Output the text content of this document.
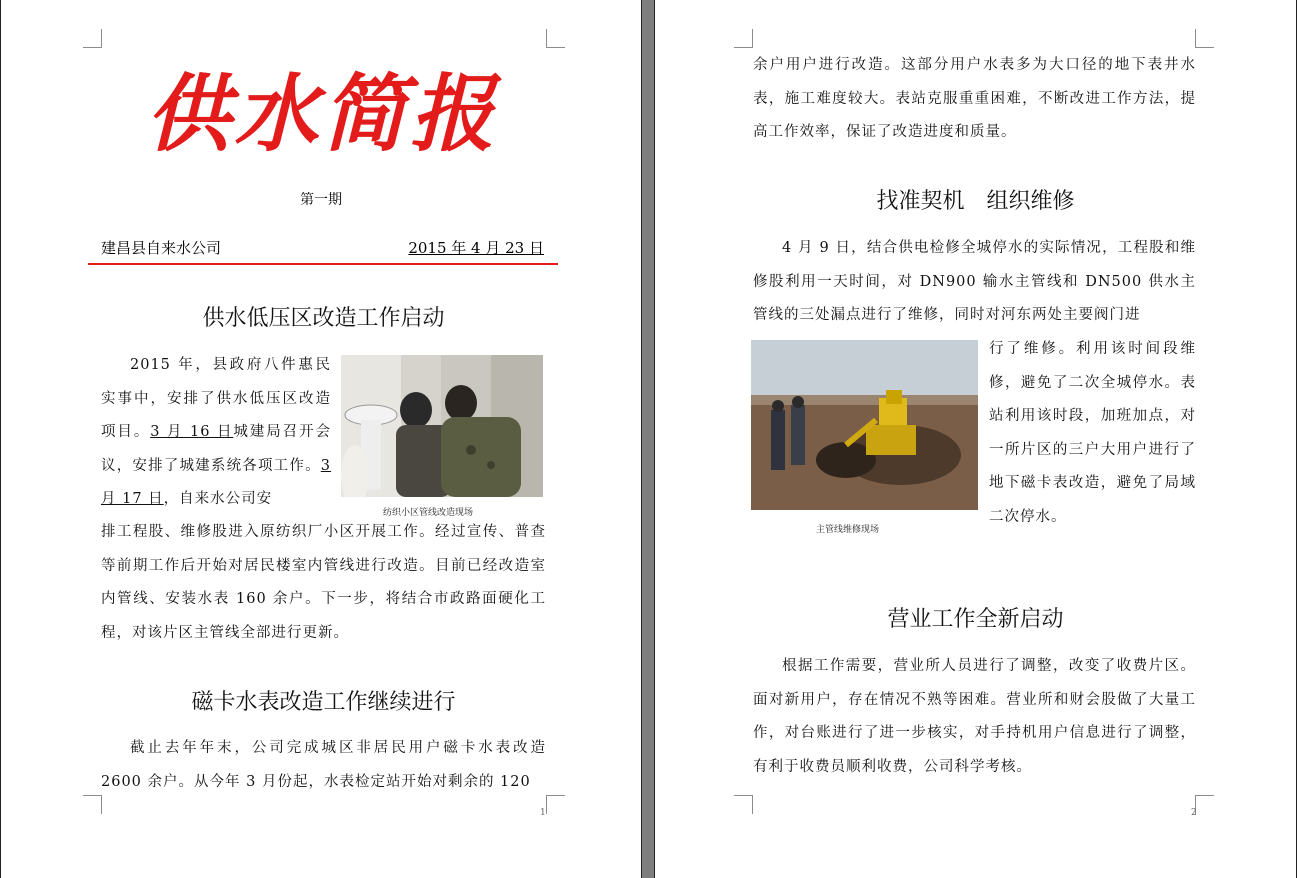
供水简报
第一期
建昌县自来水公司	2015 年 4 月 23 日
供水低压区改造工作启动
纺织小区管线改造现场
2015 年，县政府八件惠民实事中，安排了供水低压区改造项目。3 月 16 日城建局召开会议，安排了城建系统各项工作。3 月 17 日，自来水公司安
排工程股、维修股进入原纺织厂小区开展工作。经过宣传、普查等前期工作后开始对居民楼室内管线进行改造。目前已经改造室内管线、安装水表 160 余户。下一步，将结合市政路面硬化工程，对该片区主管线全部进行更新。
磁卡水表改造工作继续进行
截止去年年末，公司完成城区非居民用户磁卡水表改造 2600 余户。从今年 3 月份起，水表检定站开始对剩余的 120
1
余户用户进行改造。这部分用户水表多为大口径的地下表井水表，施工难度较大。表站克服重重困难，不断改进工作方法，提高工作效率，保证了改造进度和质量。
找准契机　组织维修
4 月 9 日，结合供电检修全城停水的实际情况，工程股和维修股利用一天时间，对 DN900 输水主管线和 DN500 供水主管线的三处漏点进行了维修，同时对河东两处主要阀门进
主管线维修现场
行了维修。利用该时间段维修，避免了二次全城停水。表站利用该时段，加班加点，对一所片区的三户大用户进行了地下磁卡表改造，避免了局域二次停水。
营业工作全新启动
根据工作需要，营业所人员进行了调整，改变了收费片区。面对新用户，存在情况不熟等困难。营业所和财会股做了大量工作，对台账进行了进一步核实，对手持机用户信息进行了调整，有利于收费员顺利收费，公司科学考核。
2
